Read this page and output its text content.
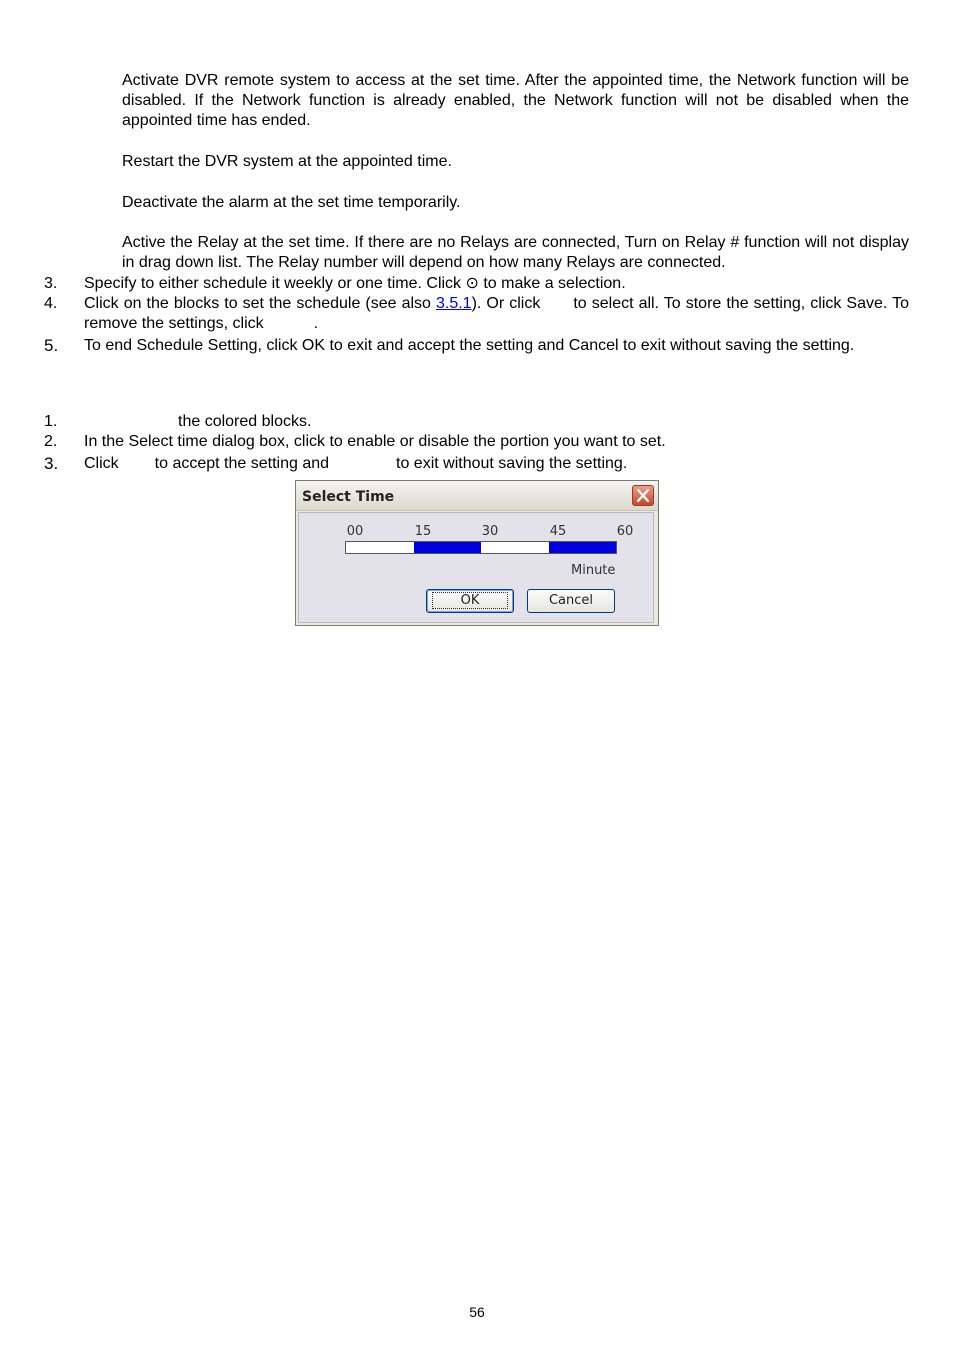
Activate DVR remote system to access at the set time. After the appointed time, the Network function will be disabled. If the Network function is already enabled, the Network function will not be disabled when the appointed time has ended.
Restart the DVR system at the appointed time.
Deactivate the alarm at the set time temporarily.
Active the Relay at the set time. If there are no Relays are connected, Turn on Relay # function will not display in drag down list. The Relay number will depend on how many Relays are connected.
3. Specify to either schedule it weekly or one time. Click ⊙ to make a selection.
4. Click on the blocks to set the schedule (see also 3.5.1). Or click to select all. To store the setting, click Save. To remove the settings, click	.
5. To end Schedule Setting, click OK to exit and accept the setting and Cancel to exit without saving the setting.
1.	the colored blocks.
2. In the Select time dialog box, click to enable or disable the portion you want to set.
3. Click to accept the setting and	to exit without saving the setting.
Select Time
00	15	30	45	60
Minute
OK	Cancel
56
